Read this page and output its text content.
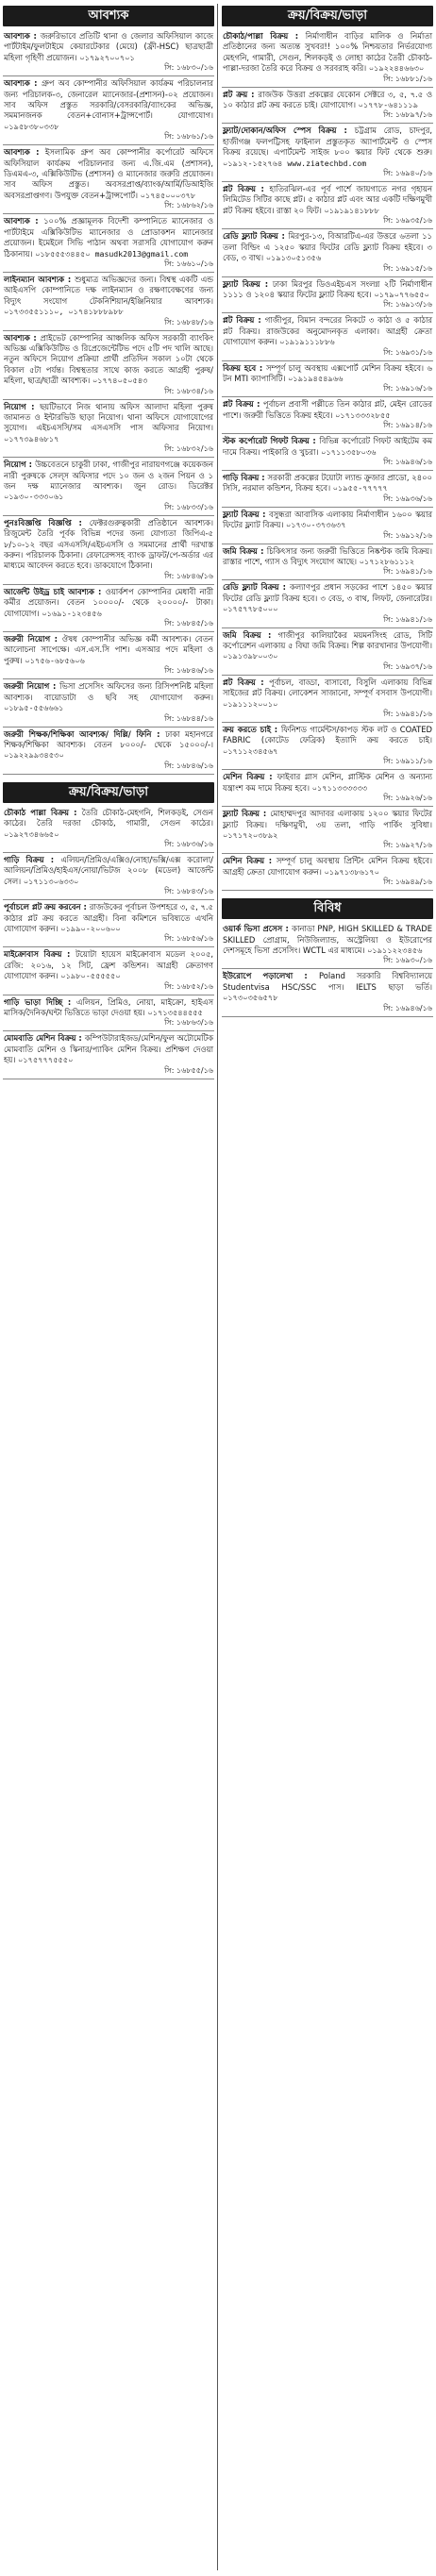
আবশ্যক
আবশ্যক : জরুরিভাবে প্রতিটি থানা ও জেলার অফিসিয়াল কাজে পার্টটাইম/ফুলটাইমে কেয়ারটেকার (মেয়ে) (ফ্রী-HSC) ছাত্রছাত্রী মহিলা গৃহিণী প্রয়োজন। ০১৭৯২৭০০৭০১
সি: ১৬৮৩০/১৬
আবশ্যক : গ্রুপ অব কোম্পানীর অফিসিয়াল কার্যক্রম পরিচালনার জন্য পরিচালক-৩, জেনারেল ম্যানেজার-(প্রশাসন)-০২ প্রয়োজন। সাব অফিস প্রস্তুত সরকারি/বেসরকারি/ব্যাংকের অভিজ্ঞ, সমমানজনক বেতন+বোনাস+ট্রান্সপোর্ট। যোগাযোগ। ০১৯৫৮৩৮০৩৩৮
সি: ১৬৮৬১/১৬
আবশ্যক : ইসলামিক গ্রুপ অব কোম্পানীর কর্পোরেট অফিসে অফিসিয়াল কার্যক্রম পরিচালনার জন্য এ.জি.এম (প্রশাসন), ডিএমএ-৩, এক্সিকিউটিভ (প্রশাসন) ও ম্যানেজার জরুরি প্রয়োজন। সাব অফিস প্রস্তুত। অবসরপ্রাপ্ত/ব্যাংক/আর্মি/ডিআইজি অবসরপ্রাপ্তগণ। উপযুক্ত বেতন+ট্রান্সপোর্ট। ০১৭৪৫০০০৩৭৮
সি: ১৬৮৬২/১৬
আবশ্যক : ১০০% প্রজ্ঞামূলক বিদেশী কম্পানিতে ম্যানেজার ও পার্টটাইমে এক্সিকিউটিভ ম্যানেজার ও প্রোডাকশন ম্যানেজার প্রয়োজন। ইমেইলে সিভি পাঠান অথবা সরাসরি যোগাযোগ করুন ঠিকানায়। ০১৮৫৫৫৩৪৪৫০ masudk2013@gmail.com
সি: ১৬৬১০/১৬
লাইনম্যান আবশ্যক : শুধুমাত্র অভিজ্ঞদের জন্য। বিশ্বস্থ একটি এন্ড আইএসপি কোম্পানিতে দক্ষ লাইনম্যান ও রক্ষণাবেক্ষণের জন্য বিদ্যুৎ সংযোগ টেকনিশিয়ান/ইঞ্জিনিয়ার আবশ্যক। ০১৭৩৩৫৫১১১০, ০১৭৪১৮৮৮৯৮৮
সি: ১৬৮৪৮/১৬
আবশ্যক : প্রাইভেট কোম্পানির আঞ্চলিক অফিস সরকারী ব্যাংকিং অভিজ্ঞ এক্সিকিউটিভ ও রিপ্রেজেন্টেটিভ পদে ৫টি পদ খালি আছে। নতুন অফিসে নিয়োগ প্রক্রিয়া প্রার্থী প্রতিদিন সকাল ১০টা থেকে বিকাল ৫টা পর্যন্ত। বিশ্বস্থতার সাথে কাজ করতে আগ্রহী পুরুষ/মহিলা, ছাত্র/ছাত্রী আবশ্যক। ০১৭৭৪০৫০৫৪৩
সি: ১৬৮৩৪/১৬
নিয়োগ : ছয়টিভাবে নিজ থানায় অফিস আলাদা মহিলা পুরুষ জামানত ও ইন্টারভিউ ছাড়া নিয়োগ। থানা অফিসে যোগাযোগের সুযোগ। এইচএসসি/সম এসএসসি পাস অফিসার নিয়োগ। ০১৭৭৩৯৪৬৮১৭
সি: ১৬৮৩২/১৬
নিয়োগ : উচ্চবেতনে চাকুরী ঢাকা, গাজীপুর নারায়ণগঞ্জে কয়েকজন নারী পুরুষকে সেল্স অফিসার পদে ১০ জন ও ২জন পিয়ন ও ১ জন দক্ষ ম্যানেজার আবশ্যক। জুন রোড। ডিরেক্টর ০১৯৩০-৩৩৩০৬১
সি: ১৬৮৩৩/১৬
পুনঃবিজ্ঞপ্তি বিজ্ঞপ্তি : ফেক্টরগুরুত্বকারী প্রতিষ্ঠানে আবশ্যক। রিজুমেন্ট তৈরি পূর্বক বিভিন্ন পদের জন্য যোগ্যতা জিপিএ-৫ ৮/১০-১২ বছর এসএসসি/এইচএসসি ও সমমানের প্রার্থী দরখাস্ত করুন। পরিচালক ঠিকানা। রেফারেন্সসহ ব্যাংক ড্রাফট/পে-অর্ডার এর মাধ্যমে আবেদন করতে হবে। ডাকযোগে ঠিকানা।
সি: ১৬৮৪৬/১৬
আর্জেন্ট উইড্র চাই আবশ্যক : ওয়ার্কশপ কোম্পানির মেধাবী নারী কর্মীর প্রয়োজন। বেতন ১০০০০/- থেকে ২০০০০/- টাকা। যোগাযোগ। ০১৬৯১-১২৩৪৫৬
সি: ১৬৮৪৫/১৬
জরুরী নিয়োগ : ঔষধ কোম্পানীর অভিজ্ঞ কর্মী আবশ্যক। বেতন আলোচনা সাপেক্ষে। এস.এস.সি পাশ। এসআর পদে মহিলা ও পুরুষ। ০১৭৫৬-৬৮৫৬০৬
সি: ১৬৮৪৬/১৬
জরুরী নিয়োগ : ভিসা প্রসেসিং অফিসের জন্য রিসিপশনিষ্ট মহিলা আবশ্যক। বায়োডাটা ও ছবি সহ যোগাযোগ করুন। ০১৮৯৫-৫৫৬৬৬১
সি: ১৬৮৪৪/১৬
জরুরী শিক্ষক/শিক্ষিকা আবশ্যক/ দিল্লি/ ফিনি : ঢাকা মহানগরে শিক্ষক/শিক্ষিকা আবশ্যক। বেতন ৮০০০/- থেকে ১৫০০০/-। ০১৯২২৯৯৩৪৫৩০
সি: ১৬৮৪৬/১৬
ক্রয়/বিক্রয়/ভাড়া
চৌকাঠ পাল্লা বিক্রয় : তৈরি চৌকাঠ-মেহগনি, শিলকড়ই, সেগুন কাঠের। তৈরি দরজা চৌকাঠ, গামারী, সেগুন কাঠের। ০১৯২৭৩৪৬৬৫০
সি: ১৬৮৩৬/১৬
গাড়ি বিক্রয় : এলিয়ন/প্রিমিও/এক্সিও/নোহা/ভক্সি/এক্স করোলা/আলিয়ন/প্রিমিও/হাইএস/নোয়া/ভিটজ ২০০৮ (মডেল) আর্জেন্ট সেল। ০১৭১১৩০৬৩৩০
সি: ১৬৮৪৩/১৬
পূর্বাচলে প্লট ক্রয় করবেন : রাজউকের পূর্বাচল উপশহরে ৩, ৫, ৭.৫ কাঠার প্লট ক্রয় করতে আগ্রহী। বিনা কমিশনে ভবিষ্যতে এখনি যোগাযোগ করুন। ০১৯৯০-২০০৬০০
সি: ১৬৮৫৬/১৬
মাইক্রোবাস বিক্রয় : টয়োটা হায়েস মাইক্রোবাস মডেল ২০০৫, রেজি: ২০১৬, ১২ সিট, ফ্রেশ কন্ডিশন। আগ্রহী ক্রেতাগণ যোগাযোগ করুন। ০১৯৮০-৫৫৫৫৫০
সি: ১৬৮৫২/১৬
গাড়ি ভাড়া দিচ্ছি : এলিয়ন, প্রিমিও, নোয়া, মাইক্রো, হাইএস মাসিক/দৈনিক/ঘন্টা ভিত্তিতে ভাড়া দেওয়া হয়। ০১৭১৩৫৪৪৫৫৫
সি: ১৬৮৬৩/১৬
মোমবাতি মেশিন বিক্রয় : কম্পিউটারাইজড/মেশিন/ফুল অটোমেটিক মোমবাতি মেশিন ও স্কিনার/প্যাকিং মেশিন বিক্রয়। প্রশিক্ষণ দেওয়া হয়। ০১৭৫৭৭৭৫৫৫০
সি: ১৬৮৫৫/১৬
ক্রয়/বিক্রয়/ভাড়া
চৌকাঠ/পাল্লা বিক্রয় : নির্মাণাধীন বাড়ির মালিক ও নির্মাতা প্রতিষ্ঠানের জন্য অত্যন্ত সুখবর!! ১০০% নিশ্চয়তার নির্ভরযোগ্য মেহগনি, গামারী, সেগুন, শিলকড়ই ও লোহা কাঠের তৈরী চৌকাঠ-পাল্লা-দরজা তৈরি করে বিক্রয় ও সরবরাহ করি। ০১৯২২৪৪৬৬৩০
সি: ১৬৮৮১/১৬
প্লট ক্রয় : রাজউক উত্তরা প্রকল্পের যেকোন সেক্টরে ৩, ৫, ৭.৫ ও ১০ কাঠার প্লট ক্রয় করতে চাই। যোগাযোগ। ০১৭৭৮-৬৪১১১৯
সি: ১৬৮৯৭/১৬
ফ্ল্যাট/দোকান/অফিস স্পেস বিক্রয় : চট্টগ্রাম রোড, চাদপুর, হাজীগঞ্জ ফলপট্টিসহ ফাইনাল প্রস্তুতকৃত অ্যাপার্টমেন্ট ও স্পেস বিক্রয় রয়েছে। এপার্টমেন্ট সাইজ ৮০০ স্কয়ার ফিট থেকে শুরু। ০১৯১২-১৫২৭৬৪ www.ziatechbd.com
সি: ১৬৯৪০/১৬
প্লট বিক্রয় : হাতিরঝিল-এর পূর্ব পার্শে জায়গাতে নগর গৃহায়ন লিমিটেড সিটির কাছে প্লট। ৫ কাঠার প্লট এবং আর একটি দক্ষিণমুখী প্লট বিক্রয় হইবে। রাস্তা ২০ ফিট। ০১৯১৯১৪১৮৮৮
সি: ১৬৯৩৫/১৬
রেডি ফ্ল্যাট বিক্রয় : মিরপুর-১৩, বিআরটিএ-এর উত্তরে ৬তলা ১১ তলা বিল্ডিং এ ১২৫০ স্কয়ার ফিটের রেডি ফ্ল্যাট বিক্রয় হইবে। ৩ বেড, ৩ বাথ। ০১৯১৩০৫১৩৫৬
সি: ১৬৯১৫/১৬
ফ্ল্যাট বিক্রয় : ঢাকা মিরপুর ডিওএইচএস সংলগ্ন ২টি নির্মাণাধীন ১১১১ ও ১২০৪ স্কয়ার ফিটের ফ্ল্যাট বিক্রয় হবে। ০১৭৯০৭৭৬৫৫০
সি: ১৬৯১৩/১৬
প্লট বিক্রয় : গাজীপুর, বিমান বন্দরের নিকটে ৩ কাঠা ও ৫ কাঠার প্লট বিক্রয়। রাজউকের অনুমোদনকৃত এলাকা। আগ্রহী ক্রেতা যোগাযোগ করুন। ০১৯১৯১১১৮৮৬
সি: ১৬৯৩১/১৬
বিক্রয় হবে : সম্পূর্ণ চালু অবস্থায় এক্সপোর্ট মেশিন বিক্রয় হইবে। ৬ টন MTI ক্যাপাসিটি। ০১৯১৯৪৫৪৯৬৬
সি: ১৬৯১৬/১৬
প্লট বিক্রয় : পূর্বাচল প্রবাসী পল্লীতে তিন কাঠার প্লট, মেইন রোডের পাশে। জরুরী ভিত্তিতে বিক্রয় হইবে। ০১৭১৩৩৩২৮৫৫
সি: ১৬৯১৪/১৬
স্টক কর্পোরেট গিফট বিক্রয় : বিভিন্ন কর্পোরেট গিফট আইটেম কম দামে বিক্রয়। পাইকারি ও খুচরা। ০১৭১১৩৫৮০৩৬
সি: ১৬৯৪৬/১৬
গাড়ি বিক্রয় : সরকারী প্রকল্পের টয়োটা ল্যান্ড ক্রুজার প্রাডো, ২৪০০ সিসি, নরমাল কন্ডিশন, বিক্রয় হবে। ০১৯৫৫-৭৭৭৭৭
সি: ১৬৯৩৬/১৬
ফ্ল্যাট বিক্রয় : বসুন্ধরা আবাসিক এলাকায় নির্মাণাধীন ১৬০০ স্কয়ার ফিটের ফ্ল্যাট বিক্রয়। ০১৭৩০-৩৭৩৬৩৭
সি: ১৬৯১২/১৬
জমি বিক্রয় : চিকিৎসার জন্য জরুরী ভিত্তিতে নিষ্কণ্টক জমি বিক্রয়। রাস্তার পাশে, গ্যাস ও বিদ্যুৎ সংযোগ আছে। ০১৭১২৮৬১১১২
সি: ১৬৯৪১/১৬
রেডি ফ্ল্যাট বিক্রয় : কল্যাণপুর প্রধান সড়কের পাশে ১৪৫০ স্কয়ার ফিটের রেডি ফ্ল্যাট বিক্রয় হবে। ৩ বেড, ৩ বাথ, লিফট, জেনারেটর। ০১৭৫৭৭৮৫০০০
সি: ১৬৯৪১/১৬
জমি বিক্রয় : গাজীপুর কালিয়াকৈর ময়মনসিংহ রোড, সিটি কর্পোরেশন এলাকায় ৫ বিঘা জমি বিক্রয়। শিল্প কারখানার উপযোগী। ০১৯১৩৯৮০০৩০
সি: ১৬৯৩৭/১৬
প্লট বিক্রয় : পূর্বাচল, বাড্ডা, বাসাবো, বিসুলি এলাকায় বিভিন্ন সাইজের প্লট বিক্রয়। লোকেশন সাজানো, সম্পূর্ণ বসবাস উপযোগী। ০১৯১১১২০০১০
সি: ১৬৯৪১/১৬
ক্রয় করতে চাই : ফিনিশড গার্মেন্টস/কাপড় স্টক লট ও COATED FABRIC (কোটেড ফেব্রিক) ইত্যাদি ক্রয় করতে চাই। ০১৭১১২৩৪৫৬৭
সি: ১৬৯১১/১৬
মেশিন বিক্রয় : ফাইবার গ্লাস মেশিন, প্লাস্টিক মেশিন ও অন্যান্য যন্ত্রাংশ কম দামে বিক্রয় হবে। ০১৭১১৩৩৩৩৩৩
সি: ১৬৯২৬/১৬
ফ্ল্যাট বিক্রয় : মোহাম্মদপুর আদাবর এলাকায় ১২০০ স্কয়ার ফিটের ফ্ল্যাট বিক্রয়। দক্ষিণমুখী, ৩য় তলা, গাড়ি পার্কিং সুবিধা। ০১৭১৭২০৩৮৯২
সি: ১৬৯২৭/১৬
মেশিন বিক্রয় : সম্পূর্ণ চালু অবস্থায় প্রিন্টিং মেশিন বিক্রয় হইবে। আগ্রহী ক্রেতা যোগাযোগ করুন। ০১৯৭১৩৮৬১৭০
সি: ১৬৯৪৯/১৬
বিবিধ
ওয়ার্ক ভিসা প্রসেস : কানাডা PNP, HIGH SKILLED & TRADE SKILLED প্রোগ্রাম, নিউজিল্যান্ড, অস্ট্রেলিয়া ও ইউরোপের দেশসমূহে ভিসা প্রসেসিং। WCTL এর মাধ্যমে। ০১৯১১২২৩৪৫৬
সি: ১৬৯৩০/১৬
ইউরোপে পড়ালেখা : Poland সরকারি বিশ্ববিদ্যালয়ে Studentvisa HSC/SSC পাস। IELTS ছাড়া ভর্তি। ০১৭৩০৩৫৬৫৭৮
সি: ১৬৯৪৬/১৬
